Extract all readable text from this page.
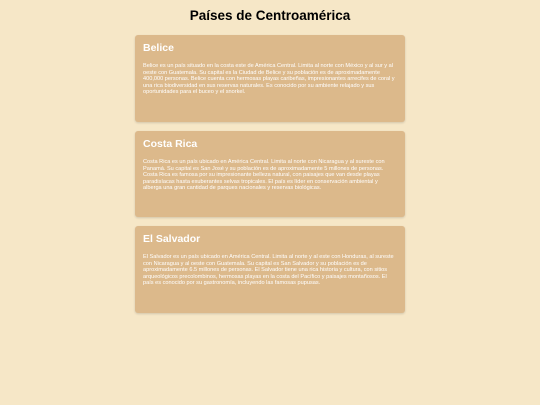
Países de Centroamérica
Belice

Belice es un país situado en la costa este de América Central. Limita al norte con México y al sur y al oeste con Guatemala. Su capital es la Ciudad de Belice y su población es de aproximadamente 400,000 personas. Belice cuenta con hermosas playas caribeñas, impresionantes arrecifes de coral y una rica biodiversidad en sus reservas naturales. Es conocido por su ambiente relajado y sus oportunidades para el buceo y el snorkel.

Costa Rica

Costa Rica es un país ubicado en América Central. Limita al norte con Nicaragua y al sureste con Panamá. Su capital es San José y su población es de aproximadamente 5 millones de personas. Costa Rica es famosa por su impresionante belleza natural, con paisajes que van desde playas paradisíacas hasta exuberantes selvas tropicales. El país es líder en conservación ambiental y alberga una gran cantidad de parques nacionales y reservas biológicas.

El Salvador

El Salvador es un país ubicado en América Central. Limita al norte y al este con Honduras, al sureste con Nicaragua y al oeste con Guatemala. Su capital es San Salvador y su población es de aproximadamente 6.5 millones de personas. El Salvador tiene una rica historia y cultura, con sitios arqueológicos precolombinos, hermosas playas en la costa del Pacífico y paisajes montañosos. El país es conocido por su gastronomía, incluyendo las famosas pupusas.
